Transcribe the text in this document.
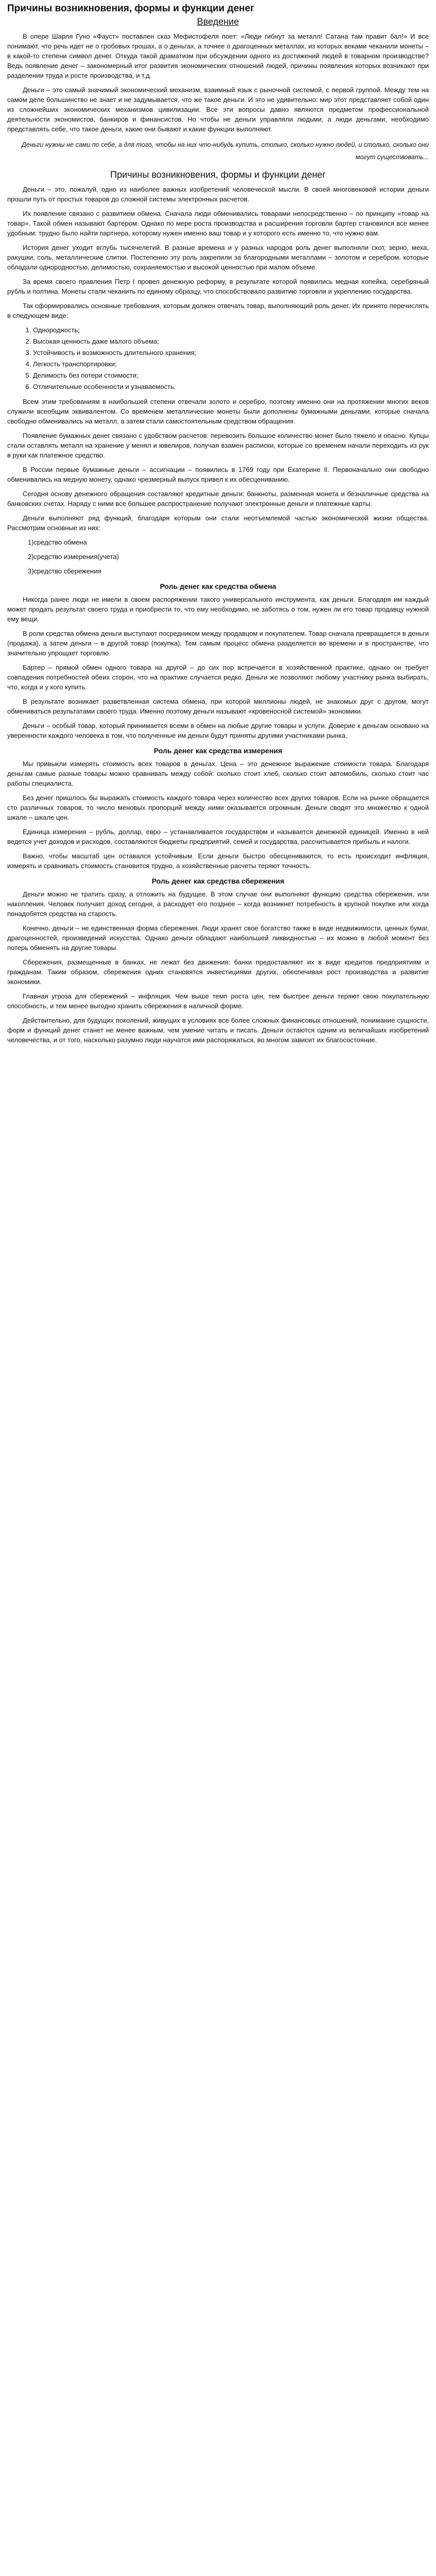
Причины возникновения, формы и функции денег
Введение

В опере Шарля Гуно «Фауст» поставлен сказ Мефистофеля поет: «Люди гибнут за металл! Сатана там правит бал!» И все понимают, что речь идет не о гробовых грошах, а о деньгах, а точнее о драгоценных металлах, из которых веками чеканили монеты – в какой-то степени символ денег. Откуда такой драматизм при обсуждении одного из достижений людей в товарном производстве? Ведь появление денег – закономерный итог развития экономических отношений людей, причины появления которых возникают при разделении труда и росте производства, и т.д.

Деньги – это самый значимый экономический механизм, взаимный язык с рыночной системой, с первой группой. Между тем на самом деле большинство не знает и не задумывается, что же такое деньги. И это не удивительно: мир этот представляет собой один из сложнейших экономических механизмов цивилизации. Все эти вопросы давно являются предметом профессиональной деятельности экономистов, банкиров и финансистов. Но чтобы не деньги управляли людьми, а люди деньгами, необходимо представлять себе, что такое деньги, какие они бывают и какие функции выполняют.

Деньги нужны не сами по себе, а для того, чтобы на них что-нибудь купить, столько, сколько нужно людей, и столько, сколько они могут существовать...
Причины возникновения, формы и функции денег

Деньги – это, пожалуй, одно из наиболее важных изобретений человеческой мысли. В своей многовековой истории деньги прошли путь от простых товаров до сложной системы электронных расчетов.

Их появление связано с развитием обмена. Сначала люди обменивались товарами непосредственно – по принципу «товар на товар». Такой обмен называют бартером. Однако по мере роста производства и расширения торговли бартер становился все менее удобным: трудно было найти партнера, которому нужен именно ваш товар и у которого есть именно то, что нужно вам.

История денег уходит вглубь тысячелетий. В разные времена и у разных народов роль денег выполняли скот, зерно, меха, ракушки, соль, металлические слитки. Постепенно эту роль закрепили за благородными металлами – золотом и серебром, которые обладали однородностью, делимостью, сохраняемостью и высокой ценностью при малом объеме.

За время своего правления Петр I провел денежную реформу, в результате которой появились медная копейка, серебряный рубль и полтина. Монеты стали чеканить по единому образцу, что способствовало развитию торговли и укреплению государства.

Так сформировались основные требования, которым должен отвечать товар, выполняющий роль денег. Их принято перечислять в следующем виде:

1. Однородность;
2. Высокая ценность даже малого объема;
3. Устойчивость и возможность длительного хранения;
4. Легкость транспортировки;
5. Делимость без потери стоимости;
6. Отличительные особенности и узнаваемость.

Всем этим требованиям в наибольшей степени отвечали золото и серебро, поэтому именно они на протяжении многих веков служили всеобщим эквивалентом. Со временем металлические монеты были дополнены бумажными деньгами, которые сначала свободно обменивались на металл, а затем стали самостоятельным средством обращения.

Появление бумажных денег связано с удобством расчетов: перевозить большое количество монет было тяжело и опасно. Купцы стали оставлять металл на хранение у менял и ювелиров, получая взамен расписки, которые со временем начали переходить из рук в руки как платежное средство.

В России первые бумажные деньги – ассигнации – появились в 1769 году при Екатерине II. Первоначально они свободно обменивались на медную монету, однако чрезмерный выпуск привел к их обесцениванию.

Сегодня основу денежного обращения составляют кредитные деньги: банкноты, разменная монета и безналичные средства на банковских счетах. Наряду с ними все большее распространение получают электронные деньги и платежные карты.

Деньги выполняют ряд функций, благодаря которым они стали неотъемлемой частью экономической жизни общества. Рассмотрим основные из них:

1)средство обмена

2)средство измерения(учета)

3)средство сбережения

Роль денег как средства обмена

Никогда ранее люди не имели в своем распоряжении такого универсального инструмента, как деньги. Благодаря им каждый может продать результат своего труда и приобрести то, что ему необходимо, не заботясь о том, нужен ли его товар продавцу нужной ему вещи.

В роли средства обмена деньги выступают посредником между продавцом и покупателем. Товар сначала превращается в деньги (продажа), а затем деньги – в другой товар (покупка). Тем самым процесс обмена разделяется во времени и в пространстве, что значительно упрощает торговлю.

Бартер – прямой обмен одного товара на другой – до сих пор встречается в хозяйственной практике, однако он требует совпадения потребностей обеих сторон, что на практике случается редко. Деньги же позволяют любому участнику рынка выбирать, что, когда и у кого купить.

В результате возникает разветвленная система обмена, при которой миллионы людей, не знакомых друг с другом, могут обмениваться результатами своего труда. Именно поэтому деньги называют «кровеносной системой» экономики.

Деньги – особый товар, который принимается всеми в обмен на любые другие товары и услуги. Доверие к деньгам основано на уверенности каждого человека в том, что полученные им деньги будут приняты другими участниками рынка.

Роль денег как средства измерения

Мы привыкли измерять стоимость всех товаров в деньгах. Цена – это денежное выражение стоимости товара. Благодаря деньгам самые разные товары можно сравнивать между собой: сколько стоит хлеб, сколько стоит автомобиль, сколько стоит час работы специалиста.

Без денег пришлось бы выражать стоимость каждого товара через количество всех других товаров. Если на рынке обращается сто различных товаров, то число меновых пропорций между ними оказывается огромным. Деньги сводят это множество к одной шкале – шкале цен.

Единица измерения – рубль, доллар, евро – устанавливается государством и называется денежной единицей. Именно в ней ведется учет доходов и расходов, составляются бюджеты предприятий, семей и государства, рассчитывается прибыль и налоги.

Важно, чтобы масштаб цен оставался устойчивым. Если деньги быстро обесцениваются, то есть происходит инфляция, измерять и сравнивать стоимость становится трудно, а хозяйственные расчеты теряют точность.

Роль денег как средства сбережения

Деньги можно не тратить сразу, а отложить на будущее. В этом случае они выполняют функцию средства сбережения, или накопления. Человек получает доход сегодня, а расходует его позднее – когда возникнет потребность в крупной покупке или когда понадобятся средства на старость.

Конечно, деньги – не единственная форма сбережения. Люди хранят свое богатство также в виде недвижимости, ценных бумаг, драгоценностей, произведений искусства. Однако деньги обладают наибольшей ликвидностью – их можно в любой момент без потерь обменять на другие товары.

Сбережения, размещенные в банках, не лежат без движения: банки предоставляют их в виде кредитов предприятиям и гражданам. Таким образом, сбережения одних становятся инвестициями других, обеспечивая рост производства и развитие экономики.

Главная угроза для сбережений – инфляция. Чем выше темп роста цен, тем быстрее деньги теряют свою покупательную способность, и тем менее выгодно хранить сбережения в наличной форме.

Действительно, для будущих поколений, живущих в условиях все более сложных финансовых отношений, понимание сущности, форм и функций денег станет не менее важным, чем умение читать и писать. Деньги остаются одним из величайших изобретений человечества, и от того, насколько разумно люди научатся ими распоряжаться, во многом зависит их благосостояние.
